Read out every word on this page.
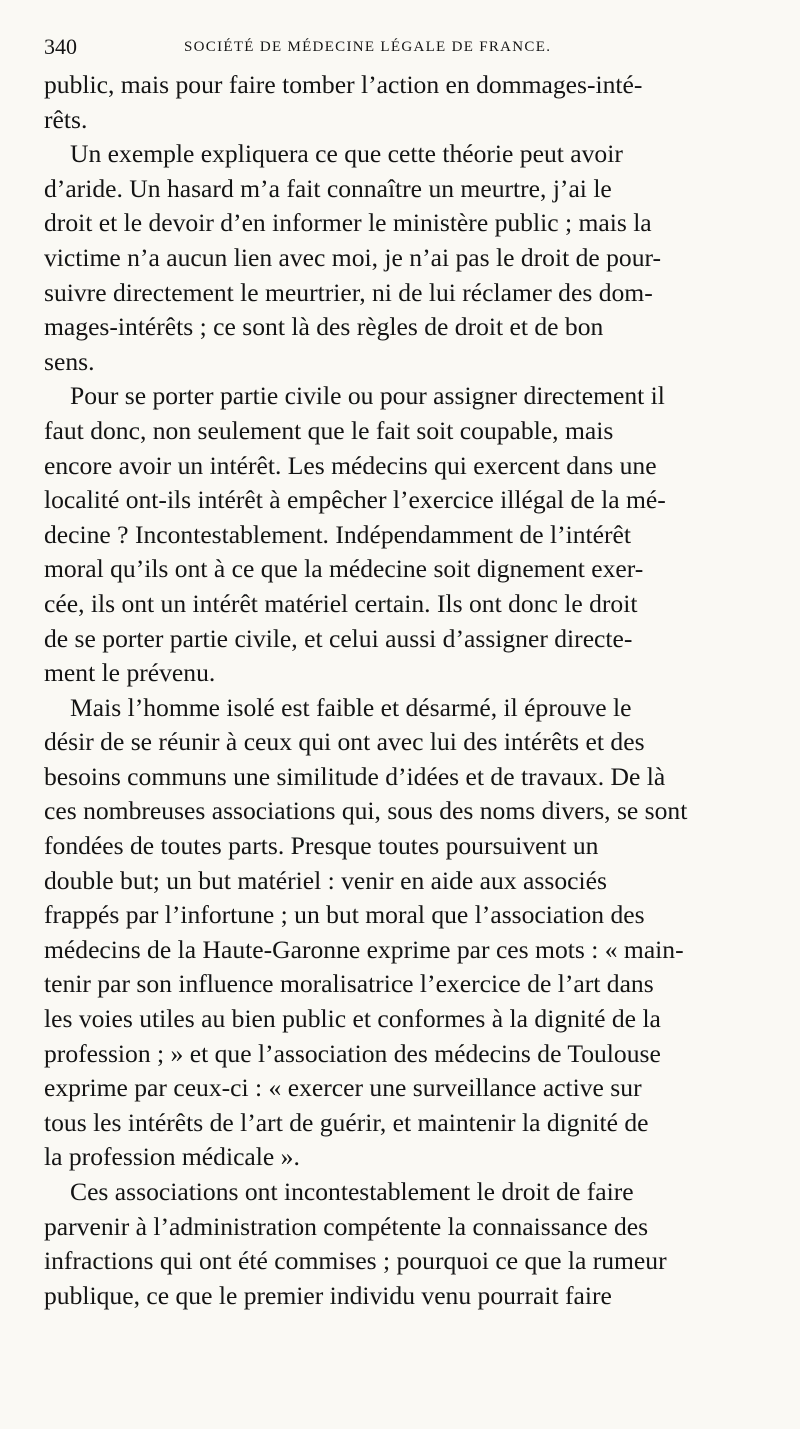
340	SOCIÉTÉ DE MÉDECINE LÉGALE DE FRANCE.
public, mais pour faire tomber l’action en dommages-inté-
rêts.
Un exemple expliquera ce que cette théorie peut avoir
d’aride. Un hasard m’a fait connaître un meurtre, j’ai le
droit et le devoir d’en informer le ministère public ; mais la
victime n’a aucun lien avec moi, je n’ai pas le droit de pour-
suivre directement le meurtrier, ni de lui réclamer des dom-
mages-intérêts ; ce sont là des règles de droit et de bon
sens.
Pour se porter partie civile ou pour assigner directement il
faut donc, non seulement que le fait soit coupable, mais
encore avoir un intérêt. Les médecins qui exercent dans une
localité ont-ils intérêt à empêcher l’exercice illégal de la mé-
decine ? Incontestablement. Indépendamment de l’intérêt
moral qu’ils ont à ce que la médecine soit dignement exer-
cée, ils ont un intérêt matériel certain. Ils ont donc le droit
de se porter partie civile, et celui aussi d’assigner directe-
ment le prévenu.
Mais l’homme isolé est faible et désarmé, il éprouve le
désir de se réunir à ceux qui ont avec lui des intérêts et des
besoins communs une similitude d’idées et de travaux. De là
ces nombreuses associations qui, sous des noms divers, se sont
fondées de toutes parts. Presque toutes poursuivent un
double but; un but matériel : venir en aide aux associés
frappés par l’infortune ; un but moral que l’association des
médecins de la Haute-Garonne exprime par ces mots : « main-
tenir par son influence moralisatrice l’exercice de l’art dans
les voies utiles au bien public et conformes à la dignité de la
profession ; » et que l’association des médecins de Toulouse
exprime par ceux-ci : « exercer une surveillance active sur
tous les intérêts de l’art de guérir, et maintenir la dignité de
la profession médicale ».
Ces associations ont incontestablement le droit de faire
parvenir à l’administration compétente la connaissance des
infractions qui ont été commises ; pourquoi ce que la rumeur
publique, ce que le premier individu venu pourrait faire
